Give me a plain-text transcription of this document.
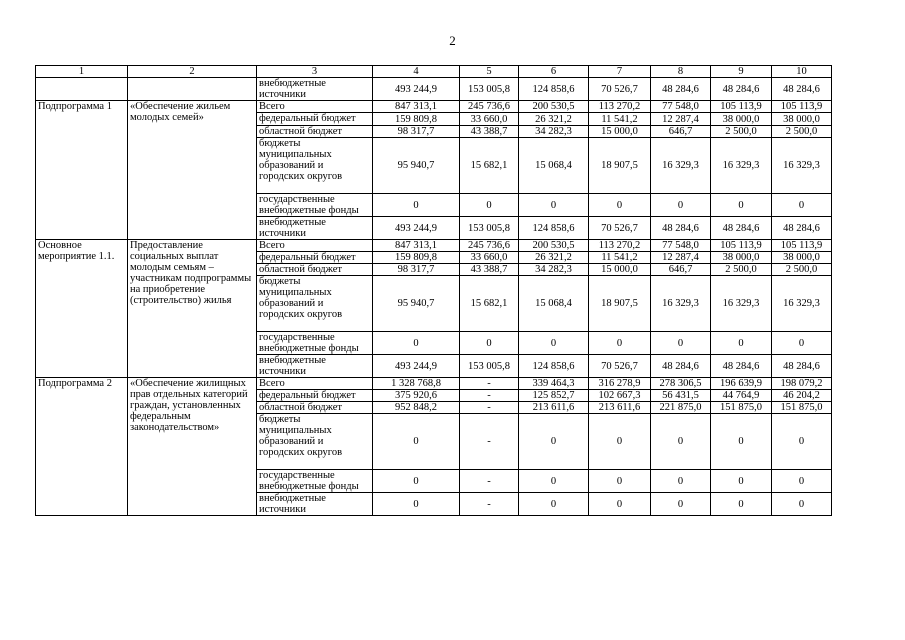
2
1	2	3	4	5	6	7	8	9	10
		внебюджетные источники	493 244,9	153 005,8	124 858,6	70 526,7	48 284,6	48 284,6	48 284,6
Подпрограмма 1	«Обеспечение жильем молодых семей»	Всего	847 313,1	245 736,6	200 530,5	113 270,2	77 548,0	105 113,9	105 113,9
		федеральный бюджет	159 809,8	33 660,0	26 321,2	11 541,2	12 287,4	38 000,0	38 000,0
		областной бюджет	98 317,7	43 388,7	34 282,3	15 000,0	646,7	2 500,0	2 500,0
		бюджеты муниципальных образований и городских округов	95 940,7	15 682,1	15 068,4	18 907,5	16 329,3	16 329,3	16 329,3
		государственные внебюджетные фонды	0	0	0	0	0	0	0
		внебюджетные источники	493 244,9	153 005,8	124 858,6	70 526,7	48 284,6	48 284,6	48 284,6
Основное мероприятие 1.1.	Предоставление социальных выплат молодым семьям – участникам подпрограммы на приобретение (строительство) жилья	Всего	847 313,1	245 736,6	200 530,5	113 270,2	77 548,0	105 113,9	105 113,9
		федеральный бюджет	159 809,8	33 660,0	26 321,2	11 541,2	12 287,4	38 000,0	38 000,0
		областной бюджет	98 317,7	43 388,7	34 282,3	15 000,0	646,7	2 500,0	2 500,0
		бюджеты муниципальных образований и городских округов	95 940,7	15 682,1	15 068,4	18 907,5	16 329,3	16 329,3	16 329,3
		государственные внебюджетные фонды	0	0	0	0	0	0	0
		внебюджетные источники	493 244,9	153 005,8	124 858,6	70 526,7	48 284,6	48 284,6	48 284,6
Подпрограмма 2	«Обеспечение жилищных прав отдельных категорий граждан, установленных федеральным законодательством»	Всего	1 328 768,8	-	339 464,3	316 278,9	278 306,5	196 639,9	198 079,2
		федеральный бюджет	375 920,6	-	125 852,7	102 667,3	56 431,5	44 764,9	46 204,2
		областной бюджет	952 848,2	-	213 611,6	213 611,6	221 875,0	151 875,0	151 875,0
		бюджеты муниципальных образований и городских округов	0	-	0	0	0	0	0
		государственные внебюджетные фонды	0	-	0	0	0	0	0
		внебюджетные источники	0	-	0	0	0	0	0
